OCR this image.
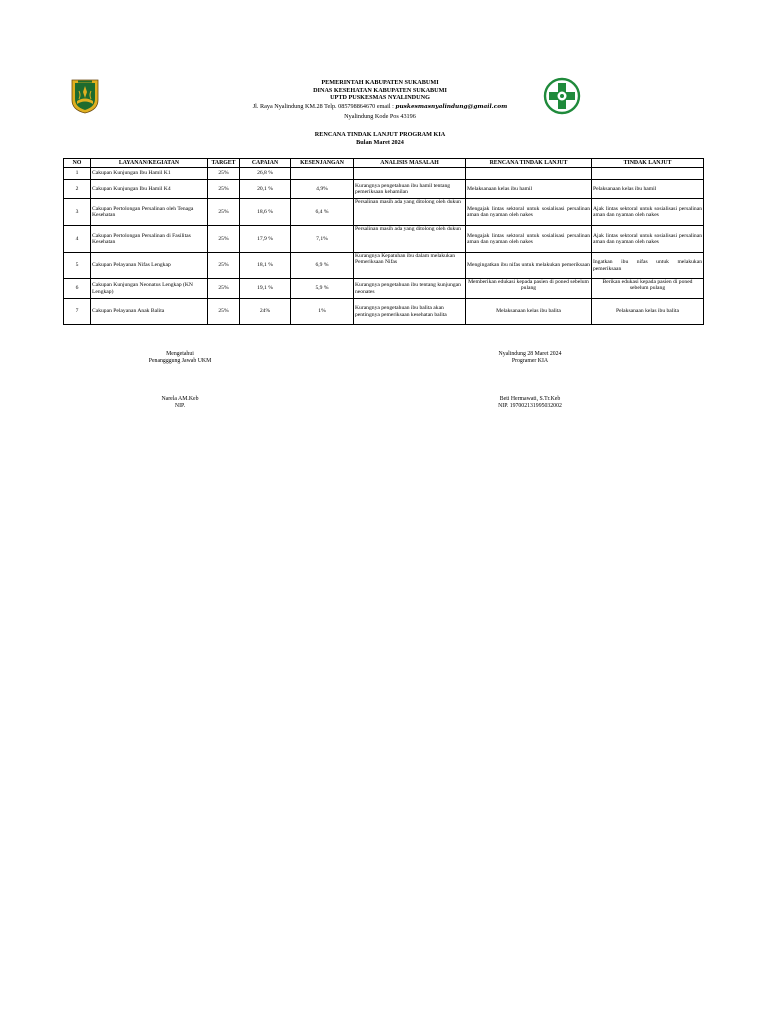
PEMERINTAH KABUPATEN SUKABUMI
DINAS KESEHATAN KABUPATEN SUKABUMI
UPTD PUSKESMAS NYALINDUNG
Jl. Raya Nyalindung KM.28 Telp. 085798864670 email : puskesmasnyalindung@gmail.com
Nyalindung Kode Pos 43196
RENCANA TINDAK LANJUT PROGRAM KIA
Bulan Maret 2024
NO	LAYANAN/KEGIATAN	TARGET	CAPAIAN	KESENJANGAN	ANALISIS MASALAH	RENCANA TINDAK LANJUT	TINDAK LANJUT
1	Cakupan Kunjungan Ibu Hamil K1	25%	26,8 %				
2	Cakupan Kunjungan Ibu Hamil K4	25%	20,1 %	4,9%	Kurangnya pengetahuan ibu hamil tentang pemeriksaan kehamilan	Melaksanaan kelas ibu hamil	Pelaksanaan kelas ibu hamil
3	Cakupan Pertolongan Persalinan oleh Tenaga Kesehatan	25%	18,6 %	6,4 %	Persalinan masih ada yang ditolong oleh dukun	Mengajak lintas sektoral untuk sosialisasi persalinan aman dan nyaman oleh nakes	Ajak lintas sektoral untuk sosialisasi persalinan aman dan nyaman oleh nakes
4	Cakupan Pertolongan Persalinan di Fasilitas Kesehatan	25%	17,9 %	7,1%	Persalinan masih ada yang ditolong oleh dukun	Mengajak lintas sektoral untuk sosialisasi persalinan aman dan nyaman oleh nakes	Ajak lintas sektoral untuk sosialisasi persalinan aman dan nyaman oleh nakes
5	Cakupan Pelayanan Nifas Lengkap	25%	18,1 %	6,9 %	Kurangnya Kepatuhan ibu dalam melakukan Pemeriksaan Nifas	Mengingatkan ibu nifas untuk melakukan pemeriksaan	Ingatkan ibu nifas untuk melakukan pemeriksaan
6	Cakupan Kunjungan Neonatus Lengkap (KN Lengkap)	25%	19,1 %	5,9 %	Kurangnya pengetahuan ibu tentang kunjungan neonates	Memberikan edukasi kepada pasien di poned sebelum pulang	Berikan edukasi kepada pasien di poned sebelum pulang
7	Cakupan Pelayanan Anak Balita	25%	24%	1%	Kurangnya pengetahuan ibu balita akan pentingnya pemeriksaan kesehatan balita	Melaksanaan kelas ibu balita	Pelaksanaan kelas ibu balita
Mengetahui
Penangggung Jawab UKM
Narela AM.Keb
NIP.
Nyalindung 28 Maret 2024
Programer KIA
Beti Hermawati, S.Tr.Keb
NIP. 197002131995032002
